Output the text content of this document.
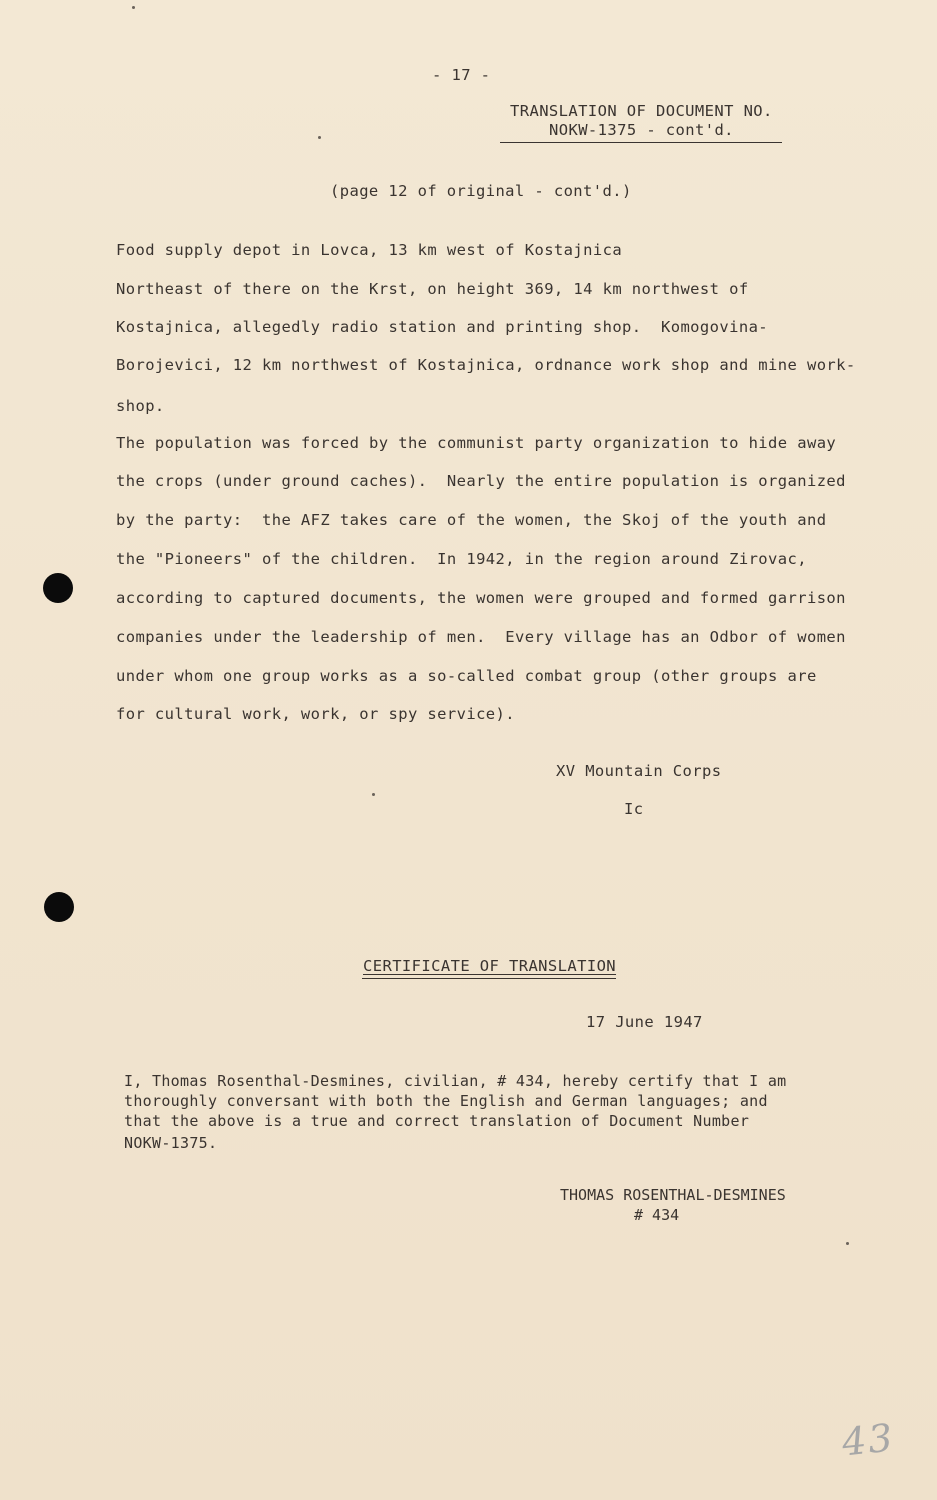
- 17 -
TRANSLATION OF DOCUMENT NO.
NOKW-1375 - cont'd.
(page 12 of original - cont'd.)
Food supply depot in Lovca, 13 km west of Kostajnica
Northeast of there on the Krst, on height 369, 14 km northwest of
Kostajnica, allegedly radio station and printing shop.  Komogovina-
Borojevici, 12 km northwest of Kostajnica, ordnance work shop and mine work-
shop.
The population was forced by the communist party organization to hide away
the crops (under ground caches).  Nearly the entire population is organized
by the party:  the AFZ takes care of the women, the Skoj of the youth and
the "Pioneers" of the children.  In 1942, in the region around Zirovac,
according to captured documents, the women were grouped and formed garrison
companies under the leadership of men.  Every village has an Odbor of women
under whom one group works as a so-called combat group (other groups are
for cultural work, work, or spy service).
XV Mountain Corps
Ic
CERTIFICATE OF TRANSLATION
17 June 1947
I, Thomas Rosenthal-Desmines, civilian, # 434, hereby certify that I am
thoroughly conversant with both the English and German languages; and
that the above is a true and correct translation of Document Number
NOKW-1375.
THOMAS ROSENTHAL-DESMINES
# 434
43
